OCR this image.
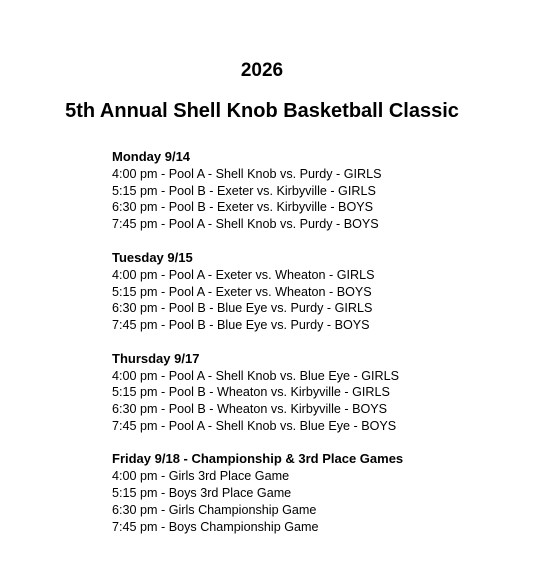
2026
5th Annual Shell Knob Basketball Classic
Monday 9/14
4:00 pm - Pool A - Shell Knob vs. Purdy - GIRLS
5:15 pm - Pool B - Exeter vs. Kirbyville - GIRLS
6:30 pm - Pool B - Exeter vs. Kirbyville - BOYS
7:45 pm - Pool A - Shell Knob vs. Purdy - BOYS
Tuesday 9/15
4:00 pm - Pool A - Exeter vs. Wheaton - GIRLS
5:15 pm - Pool A - Exeter vs. Wheaton - BOYS
6:30 pm - Pool B - Blue Eye vs. Purdy - GIRLS
7:45 pm - Pool B - Blue Eye vs. Purdy - BOYS
Thursday 9/17
4:00 pm - Pool A - Shell Knob vs. Blue Eye - GIRLS
5:15 pm - Pool B - Wheaton vs. Kirbyville - GIRLS
6:30 pm - Pool B - Wheaton vs. Kirbyville - BOYS
7:45 pm - Pool A - Shell Knob vs. Blue Eye - BOYS
Friday 9/18 - Championship & 3rd Place Games
4:00 pm - Girls 3rd Place Game
5:15 pm - Boys 3rd Place Game
6:30 pm - Girls Championship Game
7:45 pm - Boys Championship Game
